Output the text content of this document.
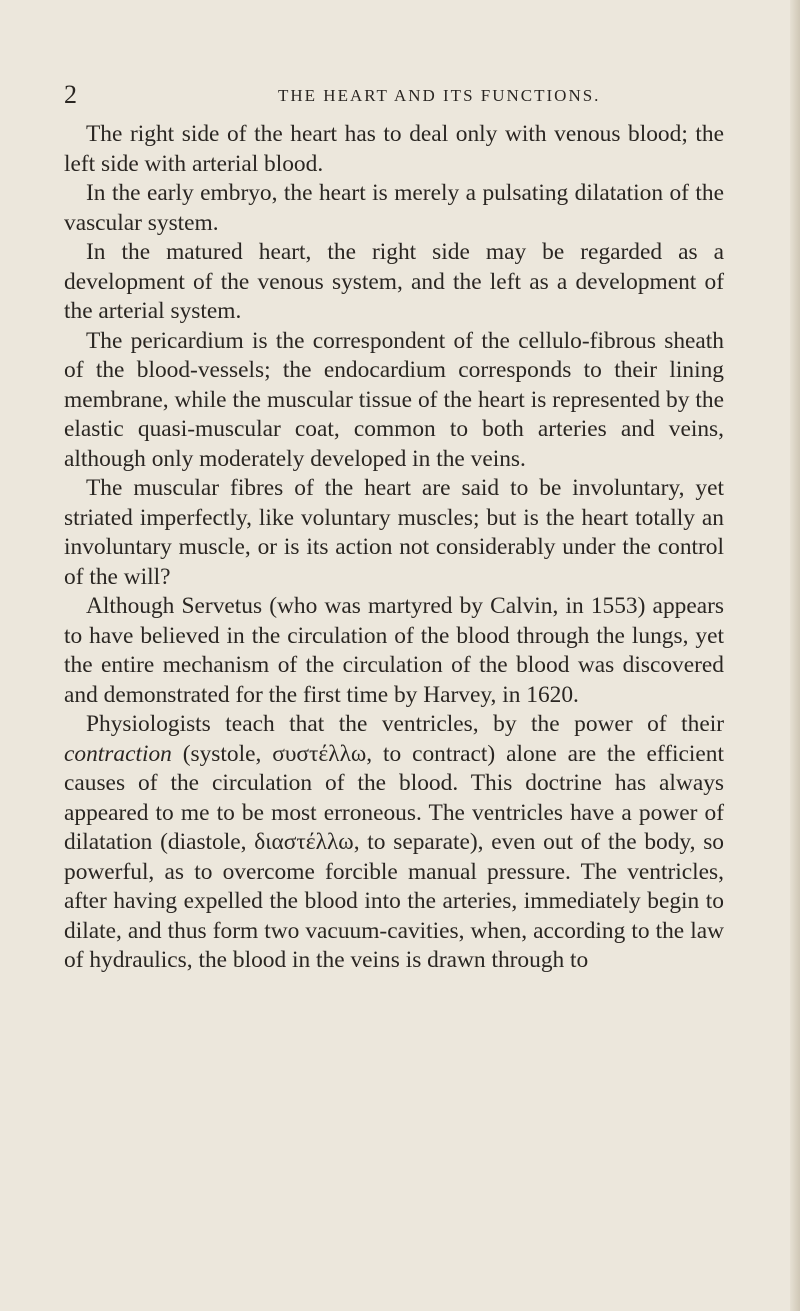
2	THE HEART AND ITS FUNCTIONS.

The right side of the heart has to deal only with venous blood; the left side with arterial blood.

In the early embryo, the heart is merely a pulsating dilatation of the vascular system.

In the matured heart, the right side may be regarded as a development of the venous system, and the left as a development of the arterial system.

The pericardium is the correspondent of the cellulo-fibrous sheath of the blood-vessels; the endocardium corresponds to their lining membrane, while the muscular tissue of the heart is represented by the elastic quasi-muscular coat, common to both arteries and veins, although only moderately developed in the veins.

The muscular fibres of the heart are said to be involuntary, yet striated imperfectly, like voluntary muscles; but is the heart totally an involuntary muscle, or is its action not considerably under the control of the will?

Although Servetus (who was martyred by Calvin, in 1553) appears to have believed in the circulation of the blood through the lungs, yet the entire mechanism of the circulation of the blood was discovered and demonstrated for the first time by Harvey, in 1620.

Physiologists teach that the ventricles, by the power of their contraction (systole, συστέλλω, to contract) alone are the efficient causes of the circulation of the blood. This doctrine has always appeared to me to be most erroneous. The ventricles have a power of dilatation (diastole, διαστέλλω, to separate), even out of the body, so powerful, as to overcome forcible manual pressure. The ventricles, after having expelled the blood into the arteries, immediately begin to dilate, and thus form two vacuum-cavities, when, according to the law of hydraulics, the blood in the veins is drawn through to
